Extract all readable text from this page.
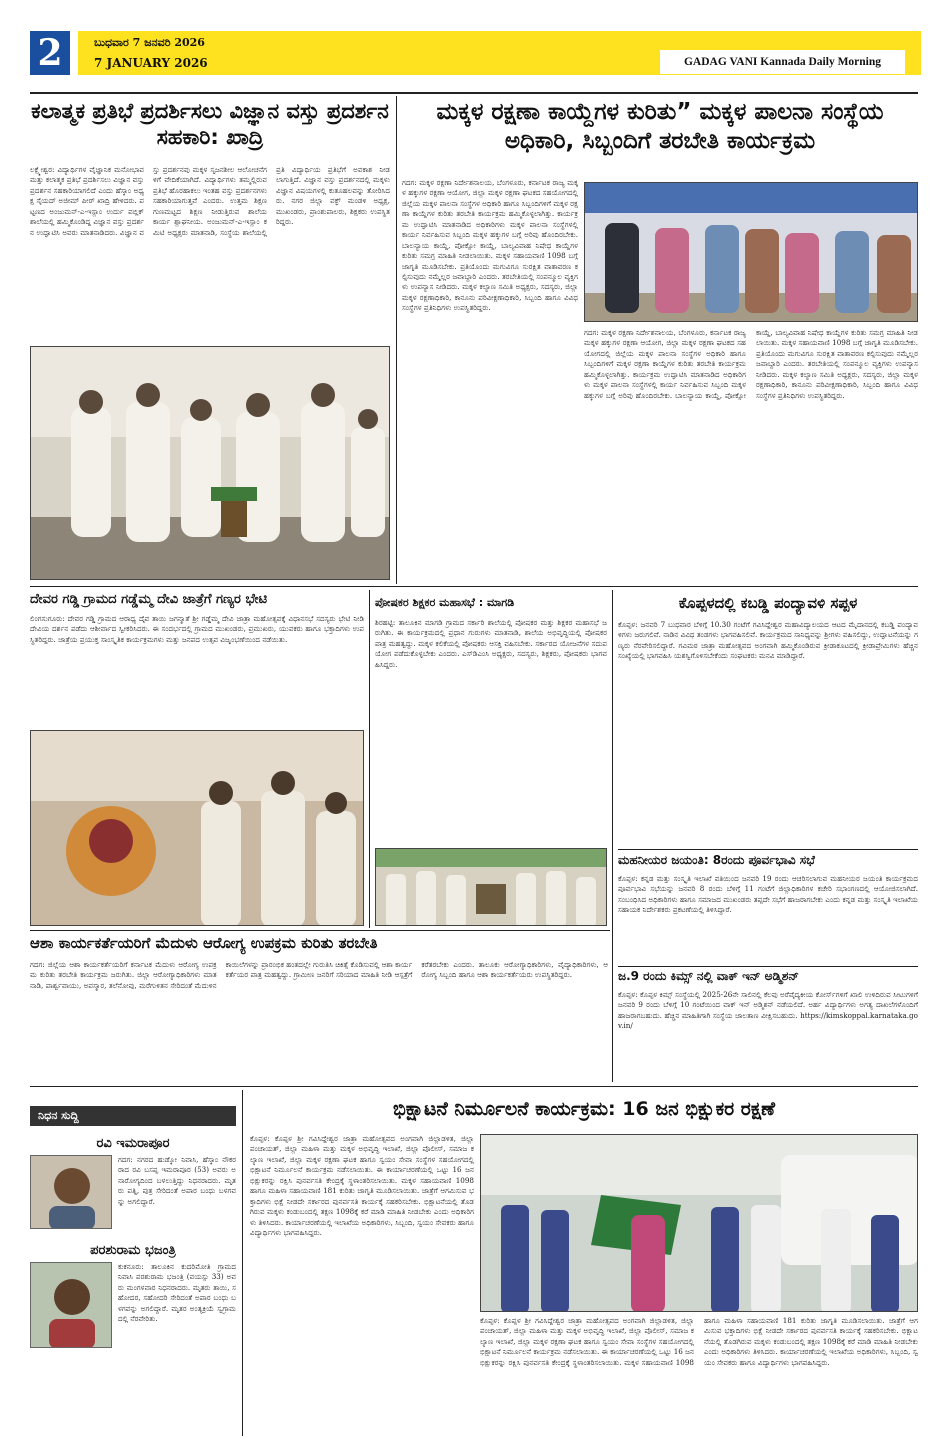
2	ಬುಧವಾರ 7 ಜನವರಿ 2026
7 JANUARY 2026	GADAG VANI Kannada Daily Morning
ಕಲಾತ್ಮಕ ಪ್ರತಿಭೆ ಪ್ರದರ್ಶಿಸಲು ವಿಜ್ಞಾನ ವಸ್ತು ಪ್ರದರ್ಶನ ಸಹಕಾರಿ: ಖಾದ್ರಿ
ಲಕ್ಷ್ಮೇಶ್ವರ: ವಿದ್ಯಾರ್ಥಿಗಳ ವೈಜ್ಞಾನಿಕ ಮನೋಭಾವ ಮತ್ತು ಕಲಾತ್ಮಕ ಪ್ರತಿಭೆ ಪ್ರದರ್ಶಿಸಲು ವಿಜ್ಞಾನ ವಸ್ತು ಪ್ರದರ್ಶನ ಸಹಕಾರಿಯಾಗಲಿದೆ ಎಂದು ಹೆಸ್ಕಾಂ ಅಧ್ಯಕ್ಷ ಸೈಯದ್ ಅಜೀಮ್ ಪೀರ್ ಖಾದ್ರಿ ಹೇಳಿದರು. ಪಟ್ಟಣದ ಅಂಜುಮನ್-ಎ-ಇಸ್ಲಾಂ ಉರ್ದು ಪಬ್ಲಿಕ್ ಶಾಲೆಯಲ್ಲಿ ಹಮ್ಮಿಕೊಂಡಿದ್ದ ವಿಜ್ಞಾನ ವಸ್ತು ಪ್ರದರ್ಶನ ಉದ್ಘಾಟಿಸಿ ಅವರು ಮಾತನಾಡಿದರು. ವಿಜ್ಞಾನ ವಸ್ತು ಪ್ರದರ್ಶನವು ಮಕ್ಕಳ ಸೃಜನಶೀಲ ಆಲೋಚನೆಗಳಿಗೆ ವೇದಿಕೆಯಾಗಿದೆ. ವಿದ್ಯಾರ್ಥಿಗಳು ತಮ್ಮಲ್ಲಿರುವ ಪ್ರತಿಭೆ ಹೊರಹಾಕಲು ಇಂತಹ ವಸ್ತು ಪ್ರದರ್ಶನಗಳು ಸಹಕಾರಿಯಾಗುತ್ತವೆ ಎಂದರು. ಉತ್ತಮ ಶಿಕ್ಷಣ ಗುಣಮಟ್ಟದ ಶಿಕ್ಷಣ ನೀಡುತ್ತಿರುವ ಶಾಲೆಯ ಕಾರ್ಯ ಶ್ಲಾಘನೀಯ. ಅಂಜುಮನ್-ಎ-ಇಸ್ಲಾಂ ಕಮಿಟಿ ಅಧ್ಯಕ್ಷರು ಮಾತನಾಡಿ, ಸಂಸ್ಥೆಯ ಶಾಲೆಯಲ್ಲಿ ಪ್ರತಿ ವಿದ್ಯಾರ್ಥಿಯ ಪ್ರತಿಭೆಗೆ ಅವಕಾಶ ನೀಡಲಾಗುತ್ತಿದೆ. ವಿಜ್ಞಾನ ವಸ್ತು ಪ್ರದರ್ಶನದಲ್ಲಿ ಮಕ್ಕಳು ವಿಜ್ಞಾನ ವಿಷಯಗಳಲ್ಲಿ ಕುತೂಹಲವನ್ನು ತೋರಿಸಿದರು. ನಗರ ಜಿಲ್ಲಾ ವಕ್ಫ್ ಮಂಡಳಿ ಅಧ್ಯಕ್ಷ, ಮುಖಂಡರು, ಪ್ರಾಂಶುಪಾಲರು, ಶಿಕ್ಷಕರು ಉಪಸ್ಥಿತರಿದ್ದರು.
ಮಕ್ಕಳ ರಕ್ಷಣಾ ಕಾಯ್ದೆಗಳ ಕುರಿತು” ಮಕ್ಕಳ ಪಾಲನಾ ಸಂಸ್ಥೆಯ ಅಧಿಕಾರಿ, ಸಿಬ್ಬಂದಿಗೆ ತರಬೇತಿ ಕಾರ್ಯಕ್ರಮ
ಗದಗ: ಮಕ್ಕಳ ರಕ್ಷಣಾ ನಿರ್ದೇಶನಾಲಯ, ಬೆಂಗಳೂರು, ಕರ್ನಾಟಕ ರಾಜ್ಯ ಮಕ್ಕಳ ಹಕ್ಕುಗಳ ರಕ್ಷಣಾ ಆಯೋಗ, ಜಿಲ್ಲಾ ಮಕ್ಕಳ ರಕ್ಷಣಾ ಘಟಕದ ಸಹಯೋಗದಲ್ಲಿ ಜಿಲ್ಲೆಯ ಮಕ್ಕಳ ಪಾಲನಾ ಸಂಸ್ಥೆಗಳ ಅಧಿಕಾರಿ ಹಾಗೂ ಸಿಬ್ಬಂದಿಗಳಿಗೆ ಮಕ್ಕಳ ರಕ್ಷಣಾ ಕಾಯ್ದೆಗಳ ಕುರಿತು ತರಬೇತಿ ಕಾರ್ಯಕ್ರಮ ಹಮ್ಮಿಕೊಳ್ಳಲಾಗಿತ್ತು. ಕಾರ್ಯಕ್ರಮ ಉದ್ಘಾಟಿಸಿ ಮಾತನಾಡಿದ ಅಧಿಕಾರಿಗಳು ಮಕ್ಕಳ ಪಾಲನಾ ಸಂಸ್ಥೆಗಳಲ್ಲಿ ಕಾರ್ಯ ನಿರ್ವಹಿಸುವ ಸಿಬ್ಬಂದಿ ಮಕ್ಕಳ ಹಕ್ಕುಗಳ ಬಗ್ಗೆ ಅರಿವು ಹೊಂದಿರಬೇಕು. ಬಾಲನ್ಯಾಯ ಕಾಯ್ದೆ, ಪೋಕ್ಸೋ ಕಾಯ್ದೆ, ಬಾಲ್ಯವಿವಾಹ ನಿಷೇಧ ಕಾಯ್ದೆಗಳ ಕುರಿತು ಸಮಗ್ರ ಮಾಹಿತಿ ನೀಡಲಾಯಿತು. ಮಕ್ಕಳ ಸಹಾಯವಾಣಿ 1098 ಬಗ್ಗೆ ಜಾಗೃತಿ ಮೂಡಿಸಬೇಕು. ಪ್ರತಿಯೊಂದು ಮಗುವಿಗೂ ಸುರಕ್ಷಿತ ವಾತಾವರಣ ಕಲ್ಪಿಸುವುದು ನಮ್ಮೆಲ್ಲರ ಜವಾಬ್ದಾರಿ ಎಂದರು. ತರಬೇತಿಯಲ್ಲಿ ಸಂಪನ್ಮೂಲ ವ್ಯಕ್ತಿಗಳು ಉಪನ್ಯಾಸ ನೀಡಿದರು. ಮಕ್ಕಳ ಕಲ್ಯಾಣ ಸಮಿತಿ ಅಧ್ಯಕ್ಷರು, ಸದಸ್ಯರು, ಜಿಲ್ಲಾ ಮಕ್ಕಳ ರಕ್ಷಣಾಧಿಕಾರಿ, ಕಾನೂನು ಪರಿವೀಕ್ಷಣಾಧಿಕಾರಿ, ಸಿಬ್ಬಂದಿ ಹಾಗೂ ವಿವಿಧ ಸಂಸ್ಥೆಗಳ ಪ್ರತಿನಿಧಿಗಳು ಉಪಸ್ಥಿತರಿದ್ದರು.
ಗದಗ: ಮಕ್ಕಳ ರಕ್ಷಣಾ ನಿರ್ದೇಶನಾಲಯ, ಬೆಂಗಳೂರು, ಕರ್ನಾಟಕ ರಾಜ್ಯ ಮಕ್ಕಳ ಹಕ್ಕುಗಳ ರಕ್ಷಣಾ ಆಯೋಗ, ಜಿಲ್ಲಾ ಮಕ್ಕಳ ರಕ್ಷಣಾ ಘಟಕದ ಸಹಯೋಗದಲ್ಲಿ ಜಿಲ್ಲೆಯ ಮಕ್ಕಳ ಪಾಲನಾ ಸಂಸ್ಥೆಗಳ ಅಧಿಕಾರಿ ಹಾಗೂ ಸಿಬ್ಬಂದಿಗಳಿಗೆ ಮಕ್ಕಳ ರಕ್ಷಣಾ ಕಾಯ್ದೆಗಳ ಕುರಿತು ತರಬೇತಿ ಕಾರ್ಯಕ್ರಮ ಹಮ್ಮಿಕೊಳ್ಳಲಾಗಿತ್ತು. ಕಾರ್ಯಕ್ರಮ ಉದ್ಘಾಟಿಸಿ ಮಾತನಾಡಿದ ಅಧಿಕಾರಿಗಳು ಮಕ್ಕಳ ಪಾಲನಾ ಸಂಸ್ಥೆಗಳಲ್ಲಿ ಕಾರ್ಯ ನಿರ್ವಹಿಸುವ ಸಿಬ್ಬಂದಿ ಮಕ್ಕಳ ಹಕ್ಕುಗಳ ಬಗ್ಗೆ ಅರಿವು ಹೊಂದಿರಬೇಕು. ಬಾಲನ್ಯಾಯ ಕಾಯ್ದೆ, ಪೋಕ್ಸೋ ಕಾಯ್ದೆ, ಬಾಲ್ಯವಿವಾಹ ನಿಷೇಧ ಕಾಯ್ದೆಗಳ ಕುರಿತು ಸಮಗ್ರ ಮಾಹಿತಿ ನೀಡಲಾಯಿತು. ಮಕ್ಕಳ ಸಹಾಯವಾಣಿ 1098 ಬಗ್ಗೆ ಜಾಗೃತಿ ಮೂಡಿಸಬೇಕು. ಪ್ರತಿಯೊಂದು ಮಗುವಿಗೂ ಸುರಕ್ಷಿತ ವಾತಾವರಣ ಕಲ್ಪಿಸುವುದು ನಮ್ಮೆಲ್ಲರ ಜವಾಬ್ದಾರಿ ಎಂದರು. ತರಬೇತಿಯಲ್ಲಿ ಸಂಪನ್ಮೂಲ ವ್ಯಕ್ತಿಗಳು ಉಪನ್ಯಾಸ ನೀಡಿದರು. ಮಕ್ಕಳ ಕಲ್ಯಾಣ ಸಮಿತಿ ಅಧ್ಯಕ್ಷರು, ಸದಸ್ಯರು, ಜಿಲ್ಲಾ ಮಕ್ಕಳ ರಕ್ಷಣಾಧಿಕಾರಿ, ಕಾನೂನು ಪರಿವೀಕ್ಷಣಾಧಿಕಾರಿ, ಸಿಬ್ಬಂದಿ ಹಾಗೂ ವಿವಿಧ ಸಂಸ್ಥೆಗಳ ಪ್ರತಿನಿಧಿಗಳು ಉಪಸ್ಥಿತರಿದ್ದರು.
ದೇವರ ಗಡ್ಡಿ ಗ್ರಾಮದ ಗಡ್ಡೆಮ್ಮ ದೇವಿ ಜಾತ್ರೆಗೆ ಗಣ್ಯರ ಭೇಟಿ
ಲಿಂಗಸುಗೂರು: ದೇವರ ಗಡ್ಡಿ ಗ್ರಾಮದ ಆರಾಧ್ಯ ದೈವ ತಾಯಿ ಜಗನ್ಮಾತೆ ಶ್ರೀ ಗಡ್ಡೆಮ್ಮ ದೇವಿ ಜಾತ್ರಾ ಮಹೋತ್ಸವಕ್ಕೆ ವಿಧಾನಸಭೆ ಸದಸ್ಯರು ಭೇಟಿ ನೀಡಿ ದೇವಿಯ ದರ್ಶನ ಪಡೆದು ಆಶೀರ್ವಾದ ಸ್ವೀಕರಿಸಿದರು. ಈ ಸಂದರ್ಭದಲ್ಲಿ ಗ್ರಾಮದ ಮುಖಂಡರು, ಪ್ರಮುಖರು, ಯುವಕರು ಹಾಗೂ ಭಕ್ತಾದಿಗಳು ಉಪಸ್ಥಿತರಿದ್ದರು. ಜಾತ್ರೆಯ ಪ್ರಯುಕ್ತ ಸಾಂಸ್ಕೃತಿಕ ಕಾರ್ಯಕ್ರಮಗಳು ಮತ್ತು ಜನಪದ ಉತ್ಸವ ವಿಜೃಂಭಣೆಯಿಂದ ನಡೆಯಿತು.
ಪೋಷಕರ ಶಿಕ್ಷಕರ ಮಹಾಸಭೆ : ಮಾಗಡಿ
ಶಿರಹಟ್ಟಿ: ತಾಲೂಕಿನ ಮಾಗಡಿ ಗ್ರಾಮದ ಸರ್ಕಾರಿ ಶಾಲೆಯಲ್ಲಿ ಪೋಷಕರ ಮತ್ತು ಶಿಕ್ಷಕರ ಮಹಾಸಭೆ ಜರುಗಿತು. ಈ ಕಾರ್ಯಕ್ರಮದಲ್ಲಿ ಪ್ರಧಾನ ಗುರುಗಳು ಮಾತನಾಡಿ, ಶಾಲೆಯ ಅಭಿವೃದ್ಧಿಯಲ್ಲಿ ಪೋಷಕರ ಪಾತ್ರ ಮಹತ್ವದ್ದು. ಮಕ್ಕಳ ಕಲಿಕೆಯಲ್ಲಿ ಪೋಷಕರು ಆಸಕ್ತಿ ವಹಿಸಬೇಕು. ಸರ್ಕಾರದ ಯೋಜನೆಗಳ ಸದುಪಯೋಗ ಪಡೆದುಕೊಳ್ಳಬೇಕು ಎಂದರು. ಎಸ್‌ಡಿಎಂಸಿ ಅಧ್ಯಕ್ಷರು, ಸದಸ್ಯರು, ಶಿಕ್ಷಕರು, ಪೋಷಕರು ಭಾಗವಹಿಸಿದ್ದರು.
ಕೊಪ್ಪಳದಲ್ಲಿ ಕಬಡ್ಡಿ ಪಂದ್ಯಾವಳಿ ಸಪ್ಪಳ
ಕೊಪ್ಪಳ: ಜನವರಿ 7 ಬುಧವಾರ ಬೆಳಿಗ್ಗೆ 10.30 ಗಂಟೆಗೆ ಗವಿಸಿದ್ದೇಶ್ವರ ಮಹಾವಿದ್ಯಾಲಯದ ಆಟದ ಮೈದಾನದಲ್ಲಿ ಕಬಡ್ಡಿ ಪಂದ್ಯಾವಳಿಗಳು ಜರುಗಲಿವೆ. ನಾಡಿನ ವಿವಿಧ ತಂಡಗಳು ಭಾಗವಹಿಸಲಿವೆ. ಕಾರ್ಯಕ್ರಮದ ಸಾನಿಧ್ಯವನ್ನು ಶ್ರೀಗಳು ವಹಿಸಲಿದ್ದು, ಉದ್ಘಾಟನೆಯನ್ನು ಗಣ್ಯರು ನೆರವೇರಿಸಲಿದ್ದಾರೆ. ಗವಿಮಠ ಜಾತ್ರಾ ಮಹೋತ್ಸವದ ಅಂಗವಾಗಿ ಹಮ್ಮಿಕೊಂಡಿರುವ ಕ್ರೀಡಾಕೂಟದಲ್ಲಿ ಕ್ರೀಡಾಪ್ರೇಮಿಗಳು ಹೆಚ್ಚಿನ ಸಂಖ್ಯೆಯಲ್ಲಿ ಭಾಗವಹಿಸಿ ಯಶಸ್ವಿಗೊಳಿಸಬೇಕೆಂದು ಸಂಘಟಕರು ಮನವಿ ಮಾಡಿದ್ದಾರೆ.
ಮಹನೀಯರ ಜಯಂತಿ: 8ರಂದು ಪೂರ್ವಭಾವಿ ಸಭೆ
ಕೊಪ್ಪಳ: ಕನ್ನಡ ಮತ್ತು ಸಂಸ್ಕೃತಿ ಇಲಾಖೆ ವತಿಯಿಂದ ಜನವರಿ 19 ರಂದು ಆಚರಿಸಲಾಗುವ ಮಹನೀಯರ ಜಯಂತಿ ಕಾರ್ಯಕ್ರಮದ ಪೂರ್ವಭಾವಿ ಸಭೆಯನ್ನು ಜನವರಿ 8 ರಂದು ಬೆಳಿಗ್ಗೆ 11 ಗಂಟೆಗೆ ಜಿಲ್ಲಾಧಿಕಾರಿಗಳ ಕಚೇರಿ ಸಭಾಂಗಣದಲ್ಲಿ ಆಯೋಜಿಸಲಾಗಿದೆ. ಸಂಬಂಧಿಸಿದ ಅಧಿಕಾರಿಗಳು ಹಾಗೂ ಸಮಾಜದ ಮುಖಂಡರು ತಪ್ಪದೇ ಸಭೆಗೆ ಹಾಜರಾಗಬೇಕು ಎಂದು ಕನ್ನಡ ಮತ್ತು ಸಂಸ್ಕೃತಿ ಇಲಾಖೆಯ ಸಹಾಯಕ ನಿರ್ದೇಶಕರು ಪ್ರಕಟಣೆಯಲ್ಲಿ ತಿಳಿಸಿದ್ದಾರೆ.
ಜ.9 ರಂದು ಕಿಮ್ಸ್ ನಲ್ಲಿ ವಾಕ್ ಇನ್ ಅಡ್ಮಿಶನ್
ಕೊಪ್ಪಳ: ಕೊಪ್ಪಳ ಕಿಮ್ಸ್ ಸಂಸ್ಥೆಯಲ್ಲಿ 2025-26ನೇ ಸಾಲಿನಲ್ಲಿ ಕೆಲವು ಅರೆವೈದ್ಯಕೀಯ ಕೋರ್ಸ್‌ಗಳಿಗೆ ಖಾಲಿ ಉಳಿದಿರುವ ಸೀಟುಗಳಿಗೆ ಜನವರಿ 9 ರಂದು ಬೆಳಿಗ್ಗೆ 10 ಗಂಟೆಯಿಂದ ವಾಕ್ ಇನ್ ಅಡ್ಮಿಶನ್ ನಡೆಯಲಿದೆ. ಅರ್ಹ ವಿದ್ಯಾರ್ಥಿಗಳು ಅಗತ್ಯ ದಾಖಲೆಗಳೊಂದಿಗೆ ಹಾಜರಾಗಬಹುದು. ಹೆಚ್ಚಿನ ಮಾಹಿತಿಗಾಗಿ ಸಂಸ್ಥೆಯ ಜಾಲತಾಣ ವೀಕ್ಷಿಸಬಹುದು. https://kimskoppal.karnataka.gov.in/
ಆಶಾ ಕಾರ್ಯಕರ್ತೆಯರಿಗೆ ಮೆದುಳು ಆರೋಗ್ಯ ಉಪಕ್ರಮ ಕುರಿತು ತರಬೇತಿ
ಗದಗ: ಜಿಲ್ಲೆಯ ಆಶಾ ಕಾರ್ಯಕರ್ತೆಯರಿಗೆ ಕರ್ನಾಟಕ ಮೆದುಳು ಆರೋಗ್ಯ ಉಪಕ್ರಮ ಕುರಿತು ತರಬೇತಿ ಕಾರ್ಯಕ್ರಮ ಜರುಗಿತು. ಜಿಲ್ಲಾ ಆರೋಗ್ಯಾಧಿಕಾರಿಗಳು ಮಾತನಾಡಿ, ಪಾರ್ಶ್ವವಾಯು, ಅಪಸ್ಮಾರ, ತಲೆನೋವು, ಮರೆಗುಳಿತನ ಸೇರಿದಂತೆ ಮೆದುಳಿನ ಕಾಯಿಲೆಗಳನ್ನು ಪ್ರಾರಂಭಿಕ ಹಂತದಲ್ಲೇ ಗುರುತಿಸಿ ಚಿಕಿತ್ಸೆ ಕೊಡಿಸುವಲ್ಲಿ ಆಶಾ ಕಾರ್ಯಕರ್ತೆಯರ ಪಾತ್ರ ಮಹತ್ವದ್ದು. ಗ್ರಾಮೀಣ ಜನರಿಗೆ ಸರಿಯಾದ ಮಾಹಿತಿ ನೀಡಿ ಆಸ್ಪತ್ರೆಗೆ ಕರೆತರಬೇಕು ಎಂದರು. ತಾಲೂಕು ಆರೋಗ್ಯಾಧಿಕಾರಿಗಳು, ವೈದ್ಯಾಧಿಕಾರಿಗಳು, ಆರೋಗ್ಯ ಸಿಬ್ಬಂದಿ ಹಾಗೂ ಆಶಾ ಕಾರ್ಯಕರ್ತೆಯರು ಉಪಸ್ಥಿತರಿದ್ದರು.
ನಿಧನ ಸುದ್ದಿ
ರವಿ ಇಮರಾಪೂರ
ಗದಗ: ನಗರದ ಹುಡ್ಕೋ ನಿವಾಸಿ, ಹೆಸ್ಕಾಂ ನೌಕರರಾದ ರವಿ ಬಸಪ್ಪ ಇಮರಾಪೂರ (53) ಅವರು ಅನಾರೋಗ್ಯದಿಂದ ಬಳಲುತ್ತಿದ್ದು ನಿಧನರಾದರು. ಮೃತರು ಪತ್ನಿ, ಪುತ್ರ ಸೇರಿದಂತೆ ಅಪಾರ ಬಂಧು ಬಳಗವನ್ನು ಅಗಲಿದ್ದಾರೆ.
ಪರಶುರಾಮ ಭಜಂತ್ರಿ
ಕುಕನೂರು: ತಾಲೂಕಿನ ಕುದರಿಮೋತಿ ಗ್ರಾಮದ ನಿವಾಸಿ ಪರಶುರಾಮ ಭಜಂತ್ರಿ (ವಯಸ್ಸು 33) ಅವರು ಮಂಗಳವಾರ ನಿಧನರಾದರು. ಮೃತರು ತಾಯಿ, ಸಹೋದರ, ಸಹೋದರಿ ಸೇರಿದಂತೆ ಅಪಾರ ಬಂಧು ಬಳಗವನ್ನು ಅಗಲಿದ್ದಾರೆ. ಮೃತರ ಅಂತ್ಯಕ್ರಿಯೆ ಸ್ವಗ್ರಾಮದಲ್ಲಿ ನೆರವೇರಿತು.
ಭಿಕ್ಷಾಟನೆ ನಿರ್ಮೂಲನೆ ಕಾರ್ಯಕ್ರಮ: 16 ಜನ ಭಿಕ್ಷುಕರ ರಕ್ಷಣೆ
ಕೊಪ್ಪಳ: ಕೊಪ್ಪಳ ಶ್ರೀ ಗವಿಸಿದ್ದೇಶ್ವರ ಜಾತ್ರಾ ಮಹೋತ್ಸವದ ಅಂಗವಾಗಿ ಜಿಲ್ಲಾಡಳಿತ, ಜಿಲ್ಲಾ ಪಂಚಾಯತ್, ಜಿಲ್ಲಾ ಮಹಿಳಾ ಮತ್ತು ಮಕ್ಕಳ ಅಭಿವೃದ್ಧಿ ಇಲಾಖೆ, ಜಿಲ್ಲಾ ಪೊಲೀಸ್, ಸಮಾಜ ಕಲ್ಯಾಣ ಇಲಾಖೆ, ಜಿಲ್ಲಾ ಮಕ್ಕಳ ರಕ್ಷಣಾ ಘಟಕ ಹಾಗೂ ಸ್ವಯಂ ಸೇವಾ ಸಂಸ್ಥೆಗಳ ಸಹಯೋಗದಲ್ಲಿ ಭಿಕ್ಷಾಟನೆ ನಿರ್ಮೂಲನೆ ಕಾರ್ಯಕ್ರಮ ನಡೆಸಲಾಯಿತು. ಈ ಕಾರ್ಯಾಚರಣೆಯಲ್ಲಿ ಒಟ್ಟು 16 ಜನ ಭಿಕ್ಷುಕರನ್ನು ರಕ್ಷಿಸಿ ಪುನರ್ವಸತಿ ಕೇಂದ್ರಕ್ಕೆ ಸ್ಥಳಾಂತರಿಸಲಾಯಿತು. ಮಕ್ಕಳ ಸಹಾಯವಾಣಿ 1098 ಹಾಗೂ ಮಹಿಳಾ ಸಹಾಯವಾಣಿ 181 ಕುರಿತು ಜಾಗೃತಿ ಮೂಡಿಸಲಾಯಿತು. ಜಾತ್ರೆಗೆ ಆಗಮಿಸುವ ಭಕ್ತಾದಿಗಳು ಭಿಕ್ಷೆ ನೀಡದೇ ಸರ್ಕಾರದ ಪುನರ್ವಸತಿ ಕಾರ್ಯಕ್ಕೆ ಸಹಕರಿಸಬೇಕು. ಭಿಕ್ಷಾಟನೆಯಲ್ಲಿ ತೊಡಗಿರುವ ಮಕ್ಕಳು ಕಂಡುಬಂದಲ್ಲಿ ತಕ್ಷಣ 1098ಕ್ಕೆ ಕರೆ ಮಾಡಿ ಮಾಹಿತಿ ನೀಡಬೇಕು ಎಂದು ಅಧಿಕಾರಿಗಳು ತಿಳಿಸಿದರು. ಕಾರ್ಯಾಚರಣೆಯಲ್ಲಿ ಇಲಾಖೆಯ ಅಧಿಕಾರಿಗಳು, ಸಿಬ್ಬಂದಿ, ಸ್ವಯಂ ಸೇವಕರು ಹಾಗೂ ವಿದ್ಯಾರ್ಥಿಗಳು ಭಾಗವಹಿಸಿದ್ದರು.
ಕೊಪ್ಪಳ: ಕೊಪ್ಪಳ ಶ್ರೀ ಗವಿಸಿದ್ದೇಶ್ವರ ಜಾತ್ರಾ ಮಹೋತ್ಸವದ ಅಂಗವಾಗಿ ಜಿಲ್ಲಾಡಳಿತ, ಜಿಲ್ಲಾ ಪಂಚಾಯತ್, ಜಿಲ್ಲಾ ಮಹಿಳಾ ಮತ್ತು ಮಕ್ಕಳ ಅಭಿವೃದ್ಧಿ ಇಲಾಖೆ, ಜಿಲ್ಲಾ ಪೊಲೀಸ್, ಸಮಾಜ ಕಲ್ಯಾಣ ಇಲಾಖೆ, ಜಿಲ್ಲಾ ಮಕ್ಕಳ ರಕ್ಷಣಾ ಘಟಕ ಹಾಗೂ ಸ್ವಯಂ ಸೇವಾ ಸಂಸ್ಥೆಗಳ ಸಹಯೋಗದಲ್ಲಿ ಭಿಕ್ಷಾಟನೆ ನಿರ್ಮೂಲನೆ ಕಾರ್ಯಕ್ರಮ ನಡೆಸಲಾಯಿತು. ಈ ಕಾರ್ಯಾಚರಣೆಯಲ್ಲಿ ಒಟ್ಟು 16 ಜನ ಭಿಕ್ಷುಕರನ್ನು ರಕ್ಷಿಸಿ ಪುನರ್ವಸತಿ ಕೇಂದ್ರಕ್ಕೆ ಸ್ಥಳಾಂತರಿಸಲಾಯಿತು. ಮಕ್ಕಳ ಸಹಾಯವಾಣಿ 1098 ಹಾಗೂ ಮಹಿಳಾ ಸಹಾಯವಾಣಿ 181 ಕುರಿತು ಜಾಗೃತಿ ಮೂಡಿಸಲಾಯಿತು. ಜಾತ್ರೆಗೆ ಆಗಮಿಸುವ ಭಕ್ತಾದಿಗಳು ಭಿಕ್ಷೆ ನೀಡದೇ ಸರ್ಕಾರದ ಪುನರ್ವಸತಿ ಕಾರ್ಯಕ್ಕೆ ಸಹಕರಿಸಬೇಕು. ಭಿಕ್ಷಾಟನೆಯಲ್ಲಿ ತೊಡಗಿರುವ ಮಕ್ಕಳು ಕಂಡುಬಂದಲ್ಲಿ ತಕ್ಷಣ 1098ಕ್ಕೆ ಕರೆ ಮಾಡಿ ಮಾಹಿತಿ ನೀಡಬೇಕು ಎಂದು ಅಧಿಕಾರಿಗಳು ತಿಳಿಸಿದರು. ಕಾರ್ಯಾಚರಣೆಯಲ್ಲಿ ಇಲಾಖೆಯ ಅಧಿಕಾರಿಗಳು, ಸಿಬ್ಬಂದಿ, ಸ್ವಯಂ ಸೇವಕರು ಹಾಗೂ ವಿದ್ಯಾರ್ಥಿಗಳು ಭಾಗವಹಿಸಿದ್ದರು.
